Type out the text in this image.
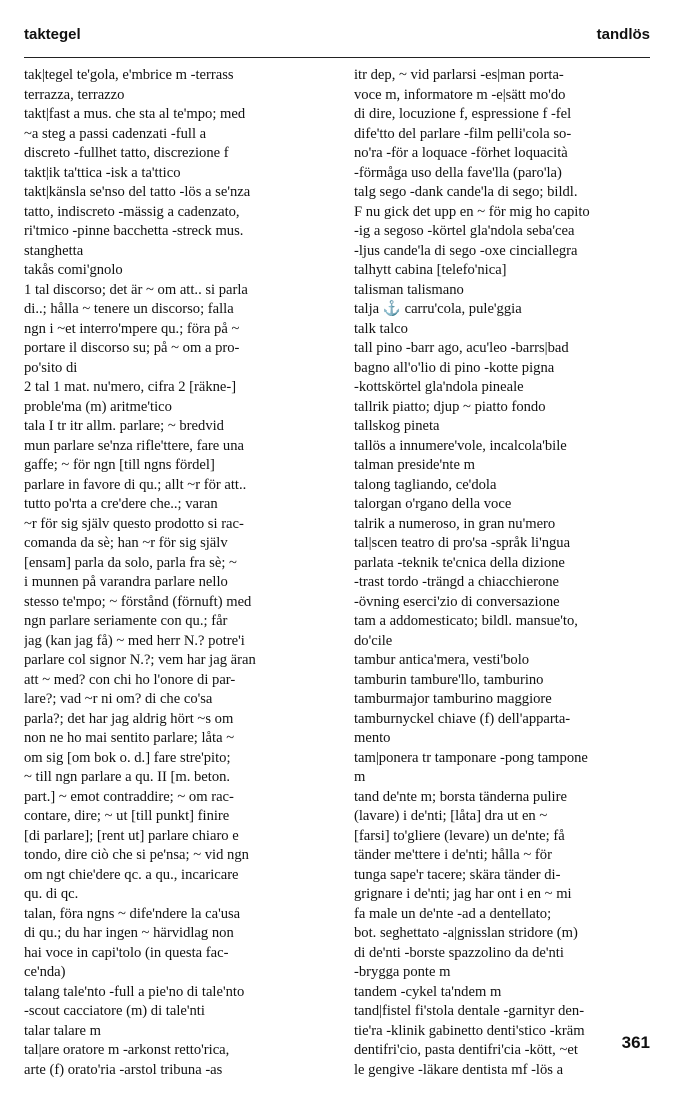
taktegel	tandlös
tak|tegel te'gola, e'mbrice m -terrass
terrazza, terrazzo
takt|fast a mus. che sta al te'mpo; med
~a steg a passi cadenzati -full a
discreto -fullhet tatto, discrezione f
takt|ik ta'ttica -isk a ta'ttico
takt|känsla se'nso del tatto -lös a se'nza
tatto, indiscreto -mässig a cadenzato,
ri'tmico -pinne bacchetta -streck mus.
stanghetta
takås comi'gnolo
1 tal discorso; det är ~ om att.. si parla
di..; hålla ~ tenere un discorso; falla
ngn i ~et interro'mpere qu.; föra på ~
portare il discorso su; på ~ om a pro-
po'sito di
2 tal 1 mat. nu'mero, cifra 2 [räkne-]
proble'ma (m) aritme'tico
tala I tr itr allm. parlare; ~ bredvid
mun parlare se'nza rifle'ttere, fare una
gaffe; ~ för ngn [till ngns fördel]
parlare in favore di qu.; allt ~r för att..
tutto po'rta a cre'dere che..; varan
~r för sig själv questo prodotto si rac-
comanda da sè; han ~r för sig själv
[ensam] parla da solo, parla fra sè; ~
i munnen på varandra parlare nello
stesso te'mpo; ~ förstånd (förnuft) med
ngn parlare seriamente con qu.; får
jag (kan jag få) ~ med herr N.? potre'i
parlare col signor N.?; vem har jag äran
att ~ med? con chi ho l'onore di par-
lare?; vad ~r ni om? di che co'sa
parla?; det har jag aldrig hört ~s om
non ne ho mai sentito parlare; låta ~
om sig [om bok o. d.] fare stre'pito;
~ till ngn parlare a qu. II [m. beton.
part.] ~ emot contraddire; ~ om rac-
contare, dire; ~ ut [till punkt] finire
[di parlare]; [rent ut] parlare chiaro e
tondo, dire ciò che si pe'nsa; ~ vid ngn
om ngt chie'dere qc. a qu., incaricare
qu. di qc.
talan, föra ngns ~ dife'ndere la ca'usa
di qu.; du har ingen ~ härvidlag non
hai voce in capi'tolo (in questa fac-
ce'nda)
talang tale'nto -full a pie'no di tale'nto
-scout cacciatore (m) di tale'nti
talar talare m
tal|are oratore m -arkonst retto'rica,
arte (f) orato'ria -arstol tribuna -as
itr dep, ~ vid parlarsi -es|man porta-
voce m, informatore m -e|sätt mo'do
di dire, locuzione f, espressione f -fel
dife'tto del parlare -film pelli'cola so-
no'ra -för a loquace -förhet loquacità
-förmåga uso della fave'lla (paro'la)
talg sego -dank cande'la di sego; bildl.
F nu gick det upp en ~ för mig ho capito
-ig a segoso -körtel gla'ndola seba'cea
-ljus cande'la di sego -oxe cinciallegra
talhytt cabina [telefo'nica]
talisman talismano
talja ⚓ carru'cola, pule'ggia
talk talco
tall pino -barr ago, acu'leo -barrs|bad
bagno all'o'lio di pino -kotte pigna
-kottskörtel gla'ndola pineale
tallrik piatto; djup ~ piatto fondo
tallskog pineta
tallös a innumere'vole, incalcola'bile
talman preside'nte m
talong tagliando, ce'dola
talorgan o'rgano della voce
talrik a numeroso, in gran nu'mero
tal|scen teatro di pro'sa -språk li'ngua
parlata -teknik te'cnica della dizione
-trast tordo -trängd a chiacchierone
-övning eserci'zio di conversazione
tam a addomesticato; bildl. mansue'to,
do'cile
tambur antica'mera, vesti'bolo
tamburin tambure'llo, tamburino
tamburmajor tamburino maggiore
tamburnyckel chiave (f) dell'apparta-
mento
tam|ponera tr tamponare -pong tampone
m
tand de'nte m; borsta tänderna pulire
(lavare) i de'nti; [låta] dra ut en ~
[farsi] to'gliere (levare) un de'nte; få
tänder me'ttere i de'nti; hålla ~ för
tunga sape'r tacere; skära tänder di-
grignare i de'nti; jag har ont i en ~ mi
fa male un de'nte -ad a dentellato;
bot. seghettato -a|gnisslan stridore (m)
di de'nti -borste spazzolino da de'nti
-brygga ponte m
tandem -cykel ta'ndem m
tand|fistel fi'stola dentale -garnityr den-
tie'ra -klinik gabinetto denti'stico -kräm
dentifri'cio, pasta dentifri'cia -kött, ~et
le gengive -läkare dentista mf -lös a
361
